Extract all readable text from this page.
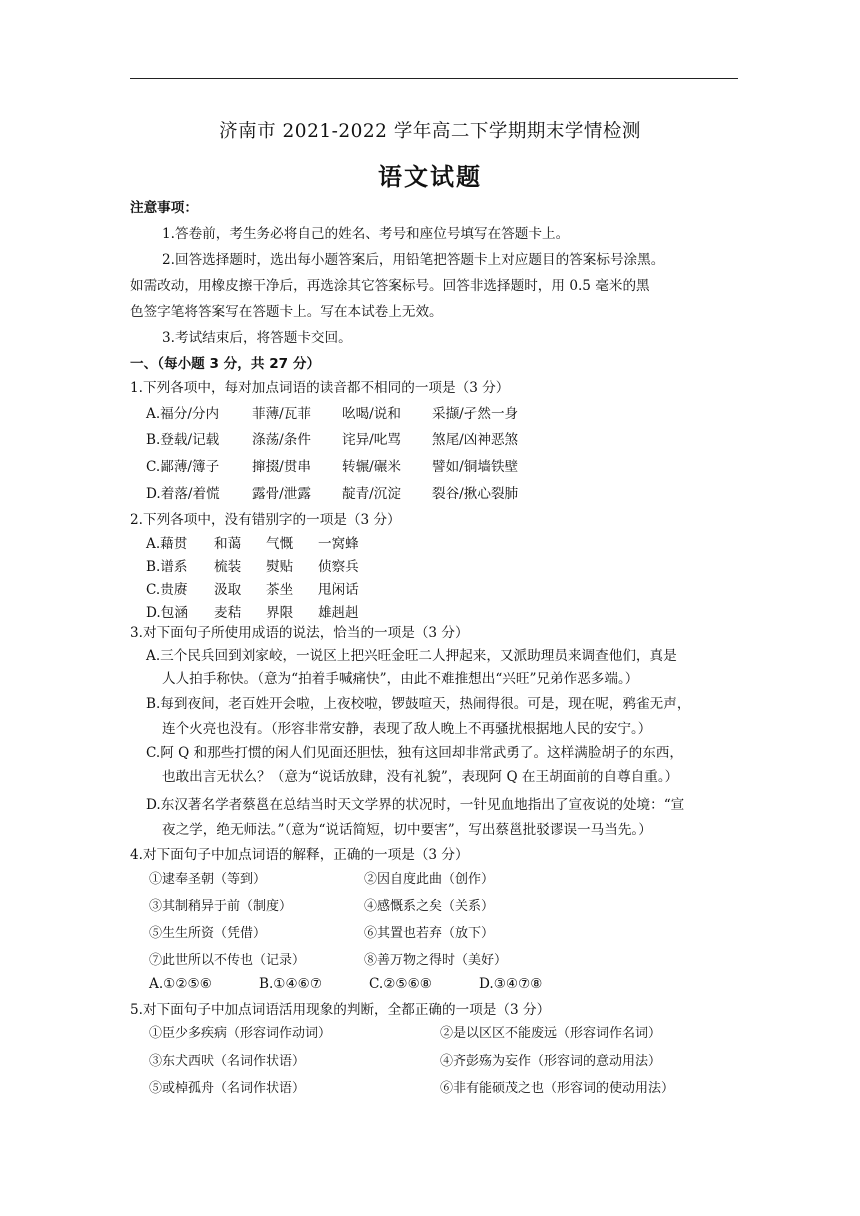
济南市 2021-2022 学年高二下学期期末学情检测
语文试题
注意事项：
1.答卷前，考生务必将自己的姓名、考号和座位号填写在答题卡上。
2.回答选择题时，选出每小题答案后，用铅笔把答题卡上对应题目的答案标号涂黑。
如需改动，用橡皮擦干净后，再选涂其它答案标号。回答非选择题时，用 0.5 毫米的黑
色签字笔将答案写在答题卡上。写在本试卷上无效。
3.考试结束后，将答题卡交回。
一、（每小题 3 分，共 27 分）
1.下列各项中，每对加点词语的读音都不相同的一项是（3 分）
A.福分/分内	菲薄/瓦菲	吆喝/说和	采撷/孑然一身
B.登载/记载	涤荡/条件	诧异/叱骂	煞尾/凶神恶煞
C.鄙薄/簿子	撺掇/贯串	转辗/碾米	譬如/铜墙铁壁
D.着落/着慌	露骨/泄露	靛青/沉淀	裂谷/揪心裂肺
2.下列各项中，没有错别字的一项是（3 分）
A.藉贯	和蔼	气慨	一窝蜂
B.谱系	梳装	熨贴	侦察兵
C.贵赓	汲取	茶坐	甩闲话
D.包涵	麦秸	界限	雄赳赳
3.对下面句子所使用成语的说法，恰当的一项是（3 分）
A.三个民兵回到刘家峧，一说区上把兴旺金旺二人押起来，又派助理员来调查他们，真是
人人拍手称快。（意为“拍着手喊痛快”，由此不难推想出“兴旺”兄弟作恶多端。）
B.每到夜间，老百姓开会啦，上夜校啦，锣鼓喧天，热闹得很。可是，现在呢，鸦雀无声，
连个火亮也没有。（形容非常安静，表现了敌人晚上不再骚扰根据地人民的安宁。）
C.阿 Q 和那些打惯的闲人们见面还胆怯，独有这回却非常武勇了。这样满脸胡子的东西，
也敢出言无状么？（意为“说话放肆，没有礼貌”，表现阿 Q 在王胡面前的自尊自重。）
D.东汉著名学者蔡邕在总结当时天文学界的状况时，一针见血地指出了宣夜说的处境：“宣
夜之学，绝无师法。”（意为“说话简短，切中要害”，写出蔡邕批驳谬误一马当先。）
4.对下面句子中加点词语的解释，正确的一项是（3 分）
①逮奉圣朝（等到）	②因自度此曲（创作）
③其制稍异于前（制度）	④感慨系之矣（关系）
⑤生生所资（凭借）	⑥其置也若弃（放下）
⑦此世所以不传也（记录）	⑧善万物之得时（美好）
A.①②⑤⑥	B.①④⑥⑦	C.②⑤⑥⑧	D.③④⑦⑧
5.对下面句子中加点词语活用现象的判断，全都正确的一项是（3 分）
①臣少多疾病（形容词作动词）	②是以区区不能废远（形容词作名词）
③东犬西吠（名词作状语）	④齐彭殇为妄作（形容词的意动用法）
⑤或棹孤舟（名词作状语）	⑥非有能硕茂之也（形容词的使动用法）
